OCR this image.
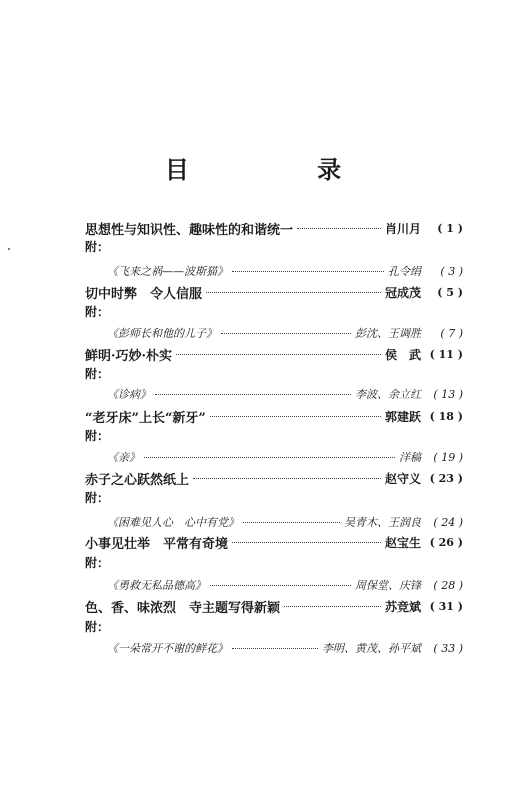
目 录
思想性与知识性、趣味性的和谐统一	肖川月	( 1 )
附：
《飞来之祸——波斯猫》	孔令绢	( 3 )
切中时弊　令人信服	冠成茂	( 5 )
附：
《彭师长和他的儿子》	彭沈、王调胜	( 7 )
鲜明·巧妙·朴实	侯　武 ( 11 )
附：
《诊病》	李波、余立红	( 13 )
“老牙床”上长“新牙”	郭建跃 ( 18 )
附：
《亲》	洋稿	( 19 )
赤子之心跃然纸上	赵守义 ( 23 )
附：
《困难见人心　心中有党》	吴青木、王润良	( 24 )
小事见壮举　平常有奇境	赵宝生 ( 26 )
附：
《勇救无私品德高》	周保堂、庆锋	( 28 )
色、香、味浓烈　寺主题写得新颖	苏竞斌 ( 31 )
附：
《一朵常开不谢的鲜花》	李明、黄茂、孙平斌	( 33 )
